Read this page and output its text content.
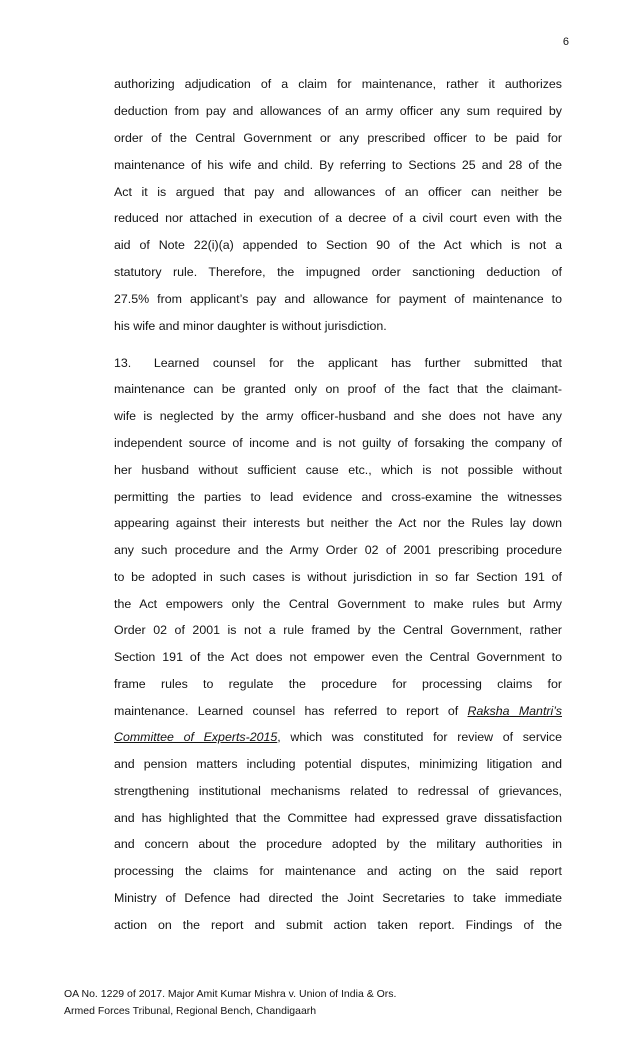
6
authorizing adjudication of a claim for maintenance, rather it authorizes
deduction from pay and allowances of an army officer any sum required by
order of the Central Government or any prescribed officer to be paid for
maintenance of his wife and child. By referring to Sections 25 and 28 of the
Act it is argued that pay and allowances of an officer can neither be
reduced nor attached in execution of a decree of a civil court even with the
aid of Note 22(i)(a) appended to Section 90 of the Act which is not a
statutory rule. Therefore, the impugned order sanctioning deduction of
27.5% from applicant’s pay and allowance for payment of maintenance to
his wife and minor daughter is without jurisdiction.
13. Learned counsel for the applicant has further submitted that
maintenance can be granted only on proof of the fact that the claimant-
wife is neglected by the army officer-husband and she does not have any
independent source of income and is not guilty of forsaking the company of
her husband without sufficient cause etc., which is not possible without
permitting the parties to lead evidence and cross-examine the witnesses
appearing against their interests but neither the Act nor the Rules lay down
any such procedure and the Army Order 02 of 2001 prescribing procedure
to be adopted in such cases is without jurisdiction in so far Section 191 of
the Act empowers only the Central Government to make rules but Army
Order 02 of 2001 is not a rule framed by the Central Government, rather
Section 191 of the Act does not empower even the Central Government to
frame rules to regulate the procedure for processing claims for
maintenance. Learned counsel has referred to report of Raksha Mantri’s
Committee of Experts-2015, which was constituted for review of service
and pension matters including potential disputes, minimizing litigation and
strengthening institutional mechanisms related to redressal of grievances,
and has highlighted that the Committee had expressed grave dissatisfaction
and concern about the procedure adopted by the military authorities in
processing the claims for maintenance and acting on the said report
Ministry of Defence had directed the Joint Secretaries to take immediate
action on the report and submit action taken report. Findings of the
OA No. 1229 of 2017. Major Amit Kumar Mishra v. Union of India & Ors.
Armed Forces Tribunal, Regional Bench, Chandigaarh
